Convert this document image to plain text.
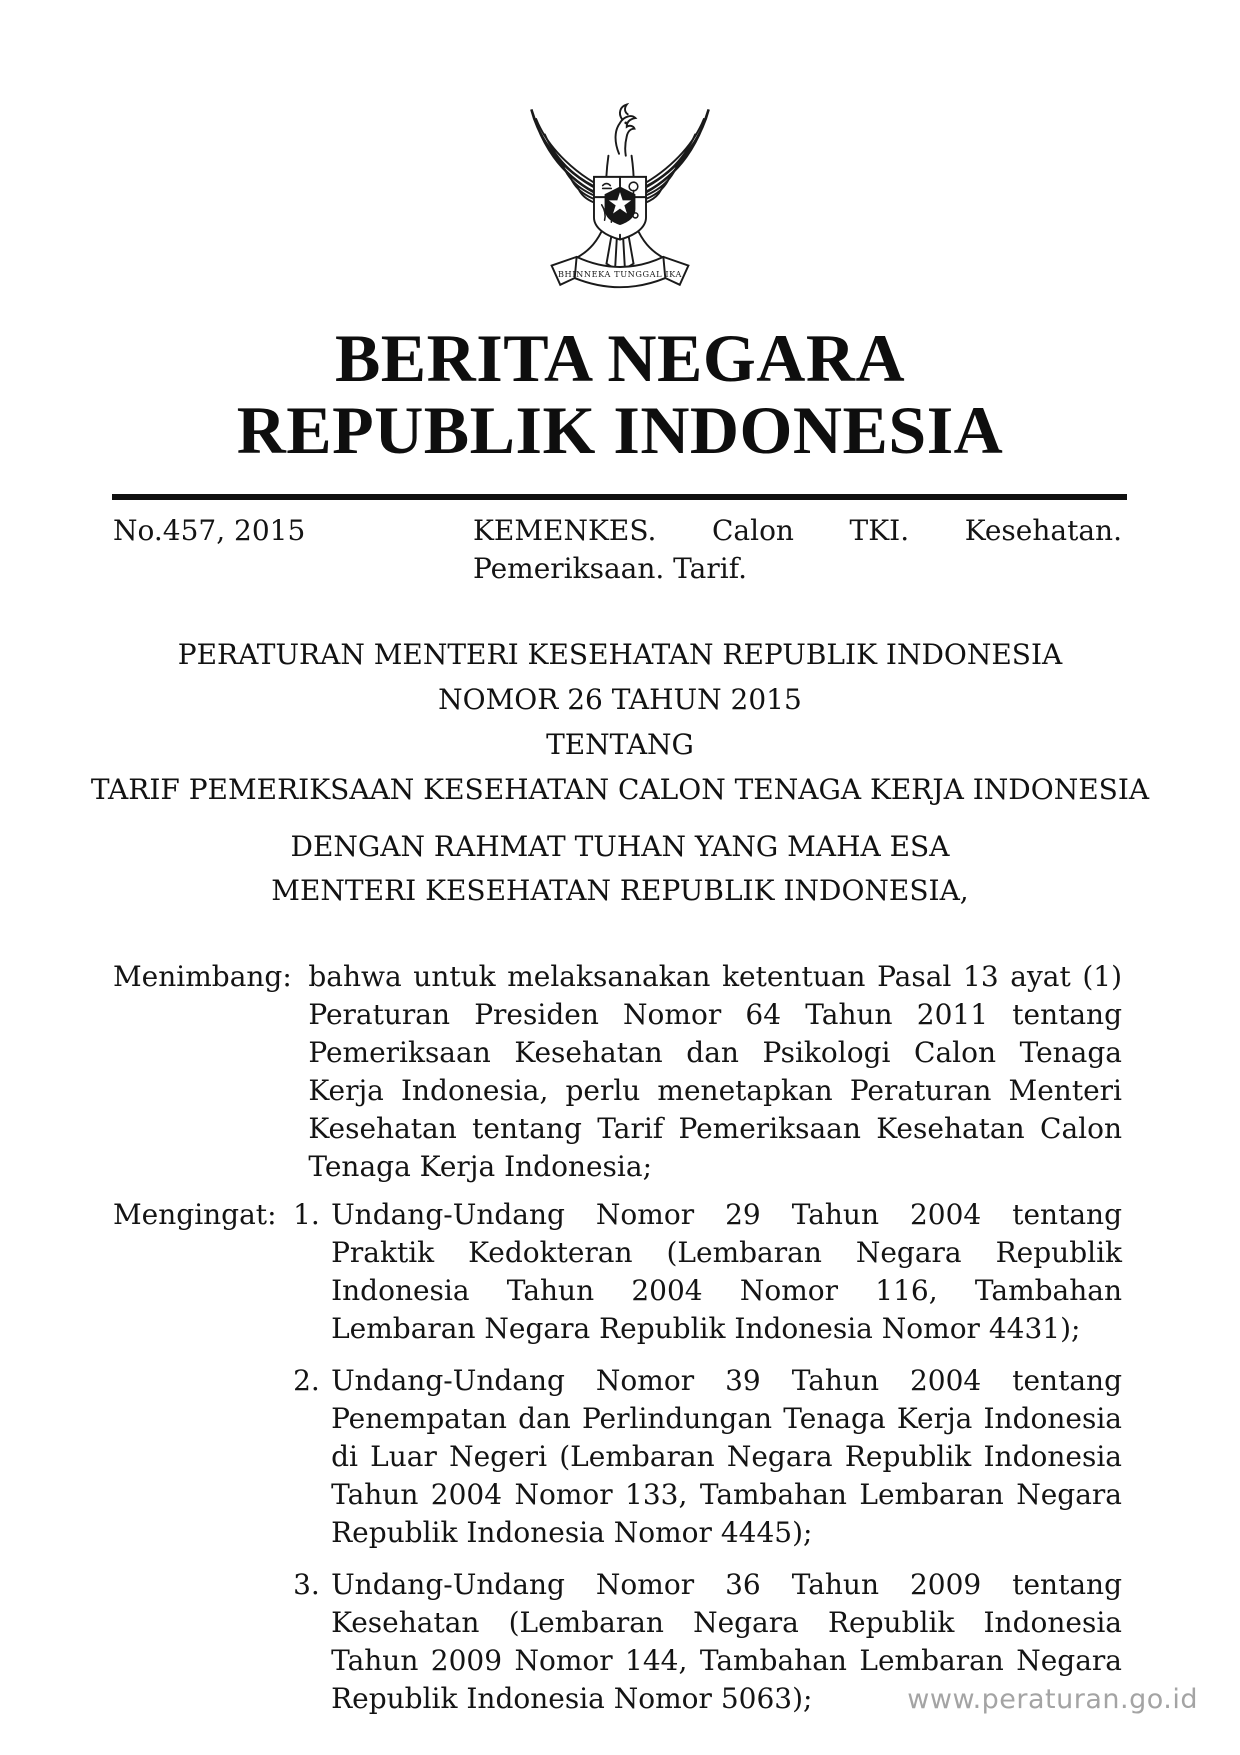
BHINNEKA TUNGGAL IKA
BERITA NEGARA
REPUBLIK INDONESIA
No.457, 2015	KEMENKES. Calon TKI. Kesehatan.
Pemeriksaan. Tarif.
PERATURAN MENTERI KESEHATAN REPUBLIK INDONESIA
NOMOR 26 TAHUN 2015
TENTANG
TARIF PEMERIKSAAN KESEHATAN CALON TENAGA KERJA INDONESIA
DENGAN RAHMAT TUHAN YANG MAHA ESA
MENTERI KESEHATAN REPUBLIK INDONESIA,
Menimbang : bahwa untuk melaksanakan ketentuan Pasal 13 ayat (1) Peraturan Presiden Nomor 64 Tahun 2011 tentang Pemeriksaan Kesehatan dan Psikologi Calon Tenaga Kerja Indonesia, perlu menetapkan Peraturan Menteri Kesehatan tentang Tarif Pemeriksaan Kesehatan Calon Tenaga Kerja Indonesia;
Mengingat : 1. Undang-Undang Nomor 29 Tahun 2004 tentang Praktik Kedokteran (Lembaran Negara Republik Indonesia Tahun 2004 Nomor 116, Tambahan Lembaran Negara Republik Indonesia Nomor 4431);
2. Undang-Undang Nomor 39 Tahun 2004 tentang Penempatan dan Perlindungan Tenaga Kerja Indonesia di Luar Negeri (Lembaran Negara Republik Indonesia Tahun 2004 Nomor 133, Tambahan Lembaran Negara Republik Indonesia Nomor 4445);
3. Undang-Undang Nomor 36 Tahun 2009 tentang Kesehatan (Lembaran Negara Republik Indonesia Tahun 2009 Nomor 144, Tambahan Lembaran Negara Republik Indonesia Nomor 5063);	www.peraturan.go.id
